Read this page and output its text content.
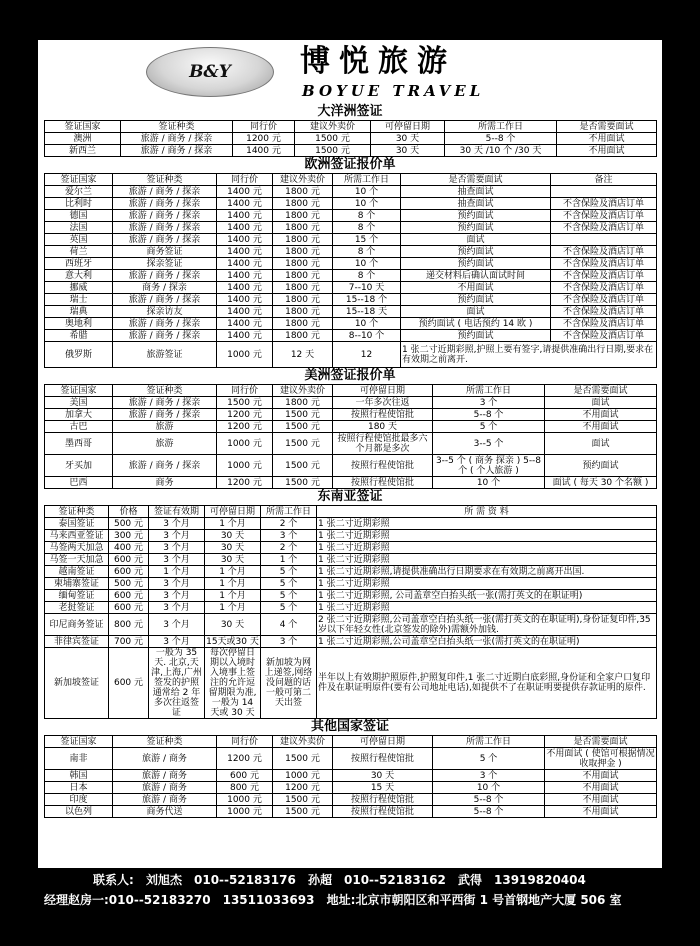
B&Y	博悦旅游
BOYUE TRAVEL
大洋洲签证
签证国家	签证种类	同行价	建议外卖价	可停留日期	所需工作日	是否需要面试
澳洲	旅游 / 商务 / 探亲	1200 元	1500 元	30 天	5--8 个	不用面试
新西兰	旅游 / 商务 / 探亲	1400 元	1500 元	30 天	30 天 /10 个 /30 天	不用面试
欧洲签证报价单
签证国家	签证种类	同行价	建议外卖价	所需工作日	是否需要面试	备注
爱尔兰	旅游 / 商务 / 探亲	1400 元	1800 元	10 个	抽查面试	
比利时	旅游 / 商务 / 探亲	1400 元	1800 元	10 个	抽查面试	不含保险及酒店订单
德国	旅游 / 商务 / 探亲	1400 元	1800 元	8 个	预约面试	不含保险及酒店订单
法国	旅游 / 商务 / 探亲	1400 元	1800 元	8 个	预约面试	不含保险及酒店订单
英国	旅游 / 商务 / 探亲	1400 元	1800 元	15 个	面试	
荷兰	商务签证	1400 元	1800 元	8 个	预约面试	不含保险及酒店订单
西班牙	探亲签证	1400 元	1800 元	10 个	预约面试	不含保险及酒店订单
意大利	旅游 / 商务 / 探亲	1400 元	1800 元	8 个	递交材料后确认面试时间	不含保险及酒店订单
挪威	商务 / 探亲	1400 元	1800 元	7--10 天	不用面试	不含保险及酒店订单
瑞士	旅游 / 商务 / 探亲	1400 元	1800 元	15--18 个	预约面试	不含保险及酒店订单
瑞典	探亲访友	1400 元	1800 元	15--18 天	面试	不含保险及酒店订单
奥地利	旅游 / 商务 / 探亲	1400 元	1800 元	10 个	预约面试 ( 电话预约 14 欧 )	不含保险及酒店订单
希腊	旅游 / 商务 / 探亲	1400 元	1800 元	8--10 个	预约面试	不含保险及酒店订单
俄罗斯	旅游签证	1000 元	12 天	12	1 张二寸近期彩照,护照上要有签字,请提供准确出行日期,要求在有效期之前离开.	
美洲签证报价单
签证国家	签证种类	同行价	建议外卖价	可停留日期	所需工作日	是否需要面试
美国	旅游 / 商务 / 探亲	1500 元	1800 元	一年多次往返	3 个	面试
加拿大	旅游 / 商务 / 探亲	1200 元	1500 元	按照行程使馆批	5--8 个	不用面试
古巴	旅游	1200 元	1500 元	180 天	5 个	不用面试
墨西哥	旅游	1000 元	1500 元	按照行程使馆批最多六个月都是多次	3--5 个	面试
牙买加	旅游 / 商务 / 探亲	1000 元	1500 元	按照行程使馆批	3--5 个 ( 商务 探亲 ) 5--8 个 ( 个人旅游 )	预约面试
巴西	商务	1200 元	1500 元	按照行程使馆批	10 个	面试 ( 每天 30 个名额 )
东南亚签证
签证种类	价格	签证有效期	可停留日期	所需工作日	所 需 资 料
泰国签证	500 元	3 个月	1 个月	2 个	1 张二寸近期彩照
马来西亚签证	300 元	3 个月	30 天	3 个	1 张二寸近期彩照
马签两天加急	400 元	3 个月	30 天	2 个	1 张二寸近期彩照
马签一天加急	600 元	3 个月	30 天	1 个	1 张二寸近期彩照
越南签证	600 元	1 个月	1 个月	5 个	1 张二寸近期彩照,请提供准确出行日期要求在有效期之前离开出国.
柬埔寨签证	500 元	3 个月	1 个月	5 个	1 张二寸近期彩照
缅甸签证	600 元	3 个月	1 个月	5 个	1 张二寸近期彩照, 公司盖章空白抬头纸一张(需打英文的在职证明)
老挝签证	600 元	3 个月	1 个月	5 个	1 张二寸近期彩照
印尼商务签证	800 元	3 个月	30 天	4 个	2 张二寸近期彩照,公司盖章空白抬头纸一张(需打英文的在职证明),身份证复印件,35 岁以下年轻女性(北京签发的除外)需额外加钱.
菲律宾签证	700 元	3 个月	15天或30 天	3 个	1 张二寸近期彩照,公司盖章空白抬头纸一张(需打英文的在职证明)
新加坡签证	600 元	一般为 35 天. 北京,天津,上海,广州签发的护照通常给 2 年多次往返签证	每次停留日期以入境时入境事上签注的允许逗留期限为准,一般为 14 天或 30 天	新加坡为网上递签,网络没问题的话一般可第二天出签	半年以上有效期护照原件,护照复印件,1 张二寸近期白底彩照,身份证和全家户口复印件及在职证明原件(要有公司地址电话),如提供不了在职证明要提供存款证明的原件.
其他国家签证
签证国家	签证种类	同行价	建议外卖价	可停留日期	所需工作日	是否需要面试
南非	旅游 / 商务	1200 元	1500 元	按照行程使馆批	5 个	不用面试 ( 使馆可根据情况收取押金 )
韩国	旅游 / 商务	600 元	1000 元	30 天	3 个	不用面试
日本	旅游 / 商务	800 元	1200 元	15 天	10 个	不用面试
印度	旅游 / 商务	1000 元	1500 元	按照行程使馆批	5--8 个	不用面试
以色列	商务代送	1000 元	1500 元	按照行程使馆批	5--8 个	不用面试
联系人: 刘旭杰　010--52183176 孙超　010--52183162 武得　13919820404
经理赵房一:010--52183270　13511033693 地址:北京市朝阳区和平西街 1 号首钢地产大厦 506 室
